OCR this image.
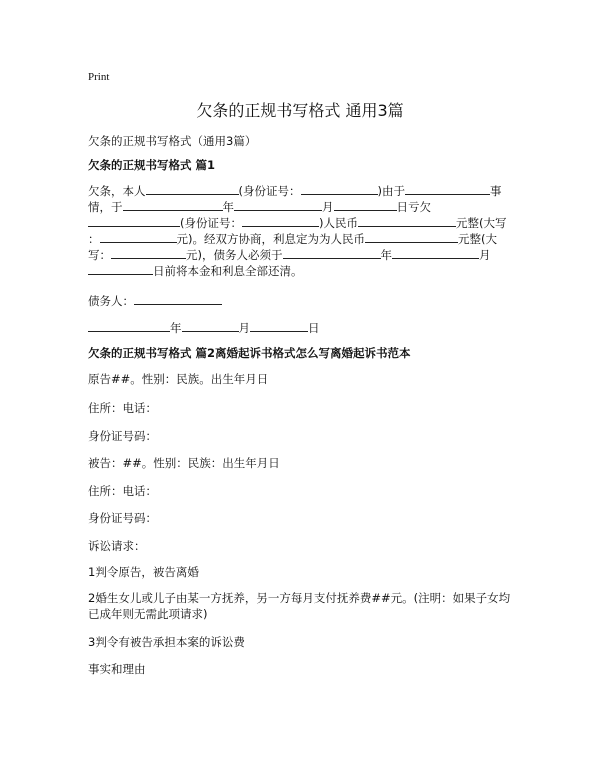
Print
欠条的正规书写格式 通用3篇
欠条的正规书写格式（通用3篇）
欠条的正规书写格式 篇1
欠条，本人	(身份证号：	)由于	事
情，于	年	月	日亏欠
(身份证号：	)人民币	元整(大写
：	元)。经双方协商，利息定为为人民币	元整(大
写：	元)，债务人必须于	年	月
日前将本金和利息全部还清。
债务人：
年	月	日
欠条的正规书写格式 篇2离婚起诉书格式怎么写离婚起诉书范本
原告##。性别：民族。出生年月日
住所：电话：
身份证号码：
被告：##。性别：民族：出生年月日
住所：电话：
身份证号码：
诉讼请求：
1判令原告，被告离婚
2婚生女儿或儿子由某一方抚养，另一方每月支付抚养费##元。(注明：如果子女均
已成年则无需此项请求)
3判令有被告承担本案的诉讼费
事实和理由
